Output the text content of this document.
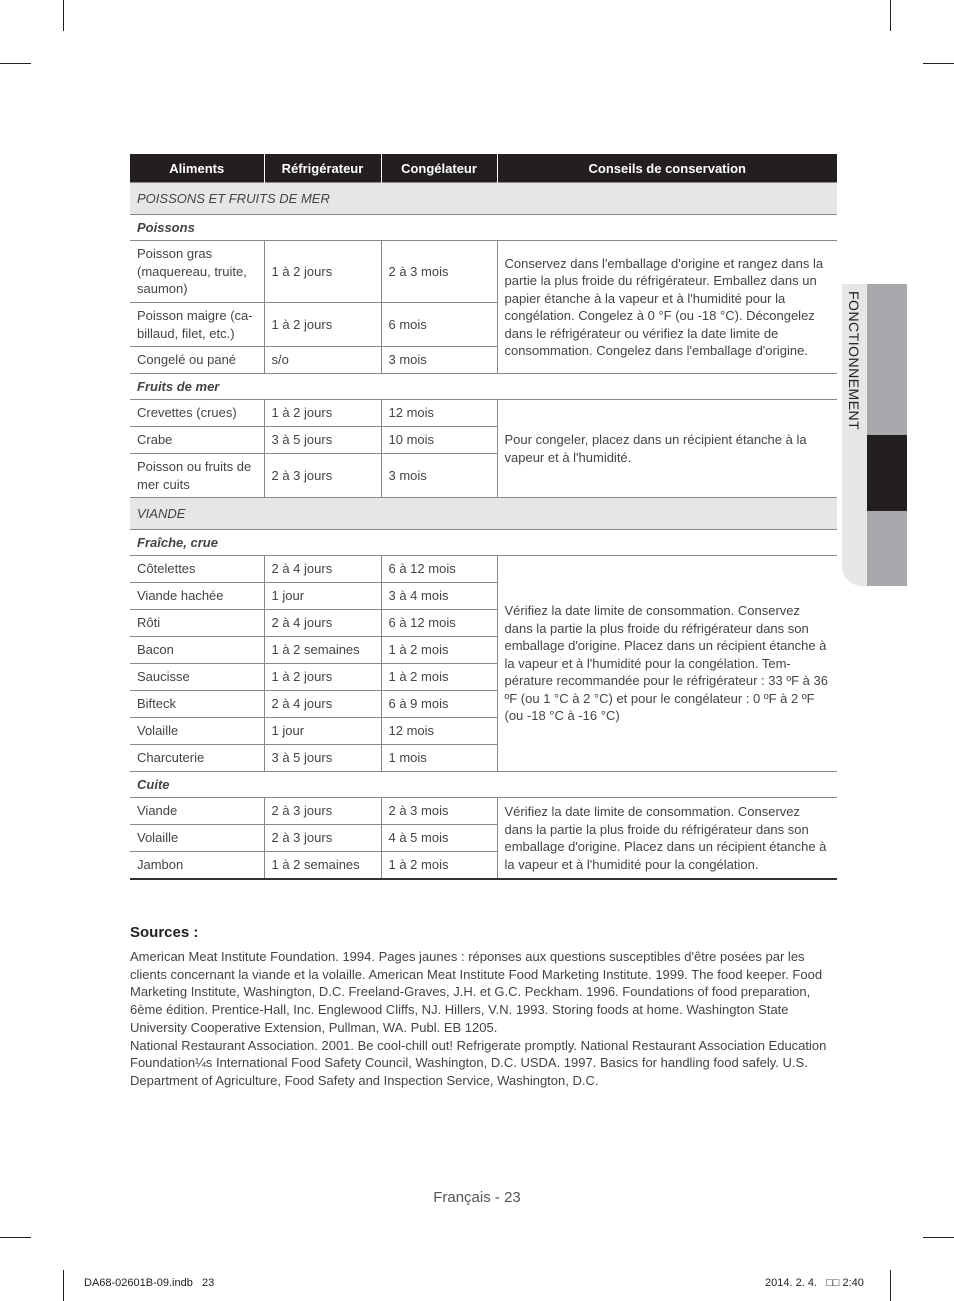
FONCTIONNEMENT
Aliments	Réfrigérateur	Congélateur	Conseils de conservation
POISSONS ET FRUITS DE MER			
Poissons			
Poisson gras (maquereau, truite, saumon)	1 à 2 jours	2 à 3 mois	Conservez dans l'emballage d'origine et rangez dans la partie la plus froide du réfrigérateur. Emballez dans un papier étanche à la vapeur et à l'humidité pour la congélation. Congelez à 0 °F (ou -18 °C). Décongelez dans le réfrigérateur ou vérifiez la date limite de consommation. Congelez dans l'emballage d'origine.
Poisson maigre (cabillaud, filet, etc.)	1 à 2 jours	6 mois	
Congelé ou pané	s/o	3 mois	
Fruits de mer			
Crevettes (crues)	1 à 2 jours	12 mois	Pour congeler, placez dans un récipient étanche à la vapeur et à l'humidité.
Crabe	3 à 5 jours	10 mois	
Poisson ou fruits de mer cuits	2 à 3 jours	3 mois	
VIANDE			
Fraîche, crue			
Côtelettes	2 à 4 jours	6 à 12 mois	Vérifiez la date limite de consommation. Conservez dans la partie la plus froide du réfrigérateur dans son emballage d'origine. Placez dans un récipient étanche à la vapeur et à l'humidité pour la congélation. Température recommandée pour le réfrigérateur : 33 ºF à 36 ºF (ou 1 °C à 2 °C) et pour le congélateur : 0 ºF à 2 ºF (ou -18 °C à -16 °C)
Viande hachée	1 jour	3 à 4 mois	
Rôti	2 à 4 jours	6 à 12 mois	
Bacon	1 à 2 semaines	1 à 2 mois	
Saucisse	1 à 2 jours	1 à 2 mois	
Bifteck	2 à 4 jours	6 à 9 mois	
Volaille	1 jour	12 mois	
Charcuterie	3 à 5 jours	1 mois	
Cuite			
Viande	2 à 3 jours	2 à 3 mois	Vérifiez la date limite de consommation. Conservez dans la partie la plus froide du réfrigérateur dans son emballage d'origine. Placez dans un récipient étanche à la vapeur et à l'humidité pour la congélation.
Volaille	2 à 3 jours	4 à 5 mois	
Jambon	1 à 2 semaines	1 à 2 mois	
Sources :
American Meat Institute Foundation. 1994. Pages jaunes : réponses aux questions susceptibles d'être posées par les clients concernant la viande et la volaille. American Meat Institute Food Marketing Institute. 1999. The food keeper. Food Marketing Institute, Washington, D.C. Freeland-Graves, J.H. et G.C. Peckham. 1996. Foundations of food preparation, 6ème édition. Prentice-Hall, Inc. Englewood Cliffs, NJ. Hillers, V.N. 1993. Storing foods at home. Washington State University Cooperative Extension, Pullman, WA. Publ. EB 1205.
National Restaurant Association. 2001. Be cool-chill out! Refrigerate promptly. National Restaurant Association Education Foundation¼s International Food Safety Council, Washington, D.C. USDA. 1997. Basics for handling food safely. U.S. Department of Agriculture, Food Safety and Inspection Service, Washington, D.C.
Français - 23
DA68-02601B-09.indb   23	2014. 2. 4.   □□ 2:40
